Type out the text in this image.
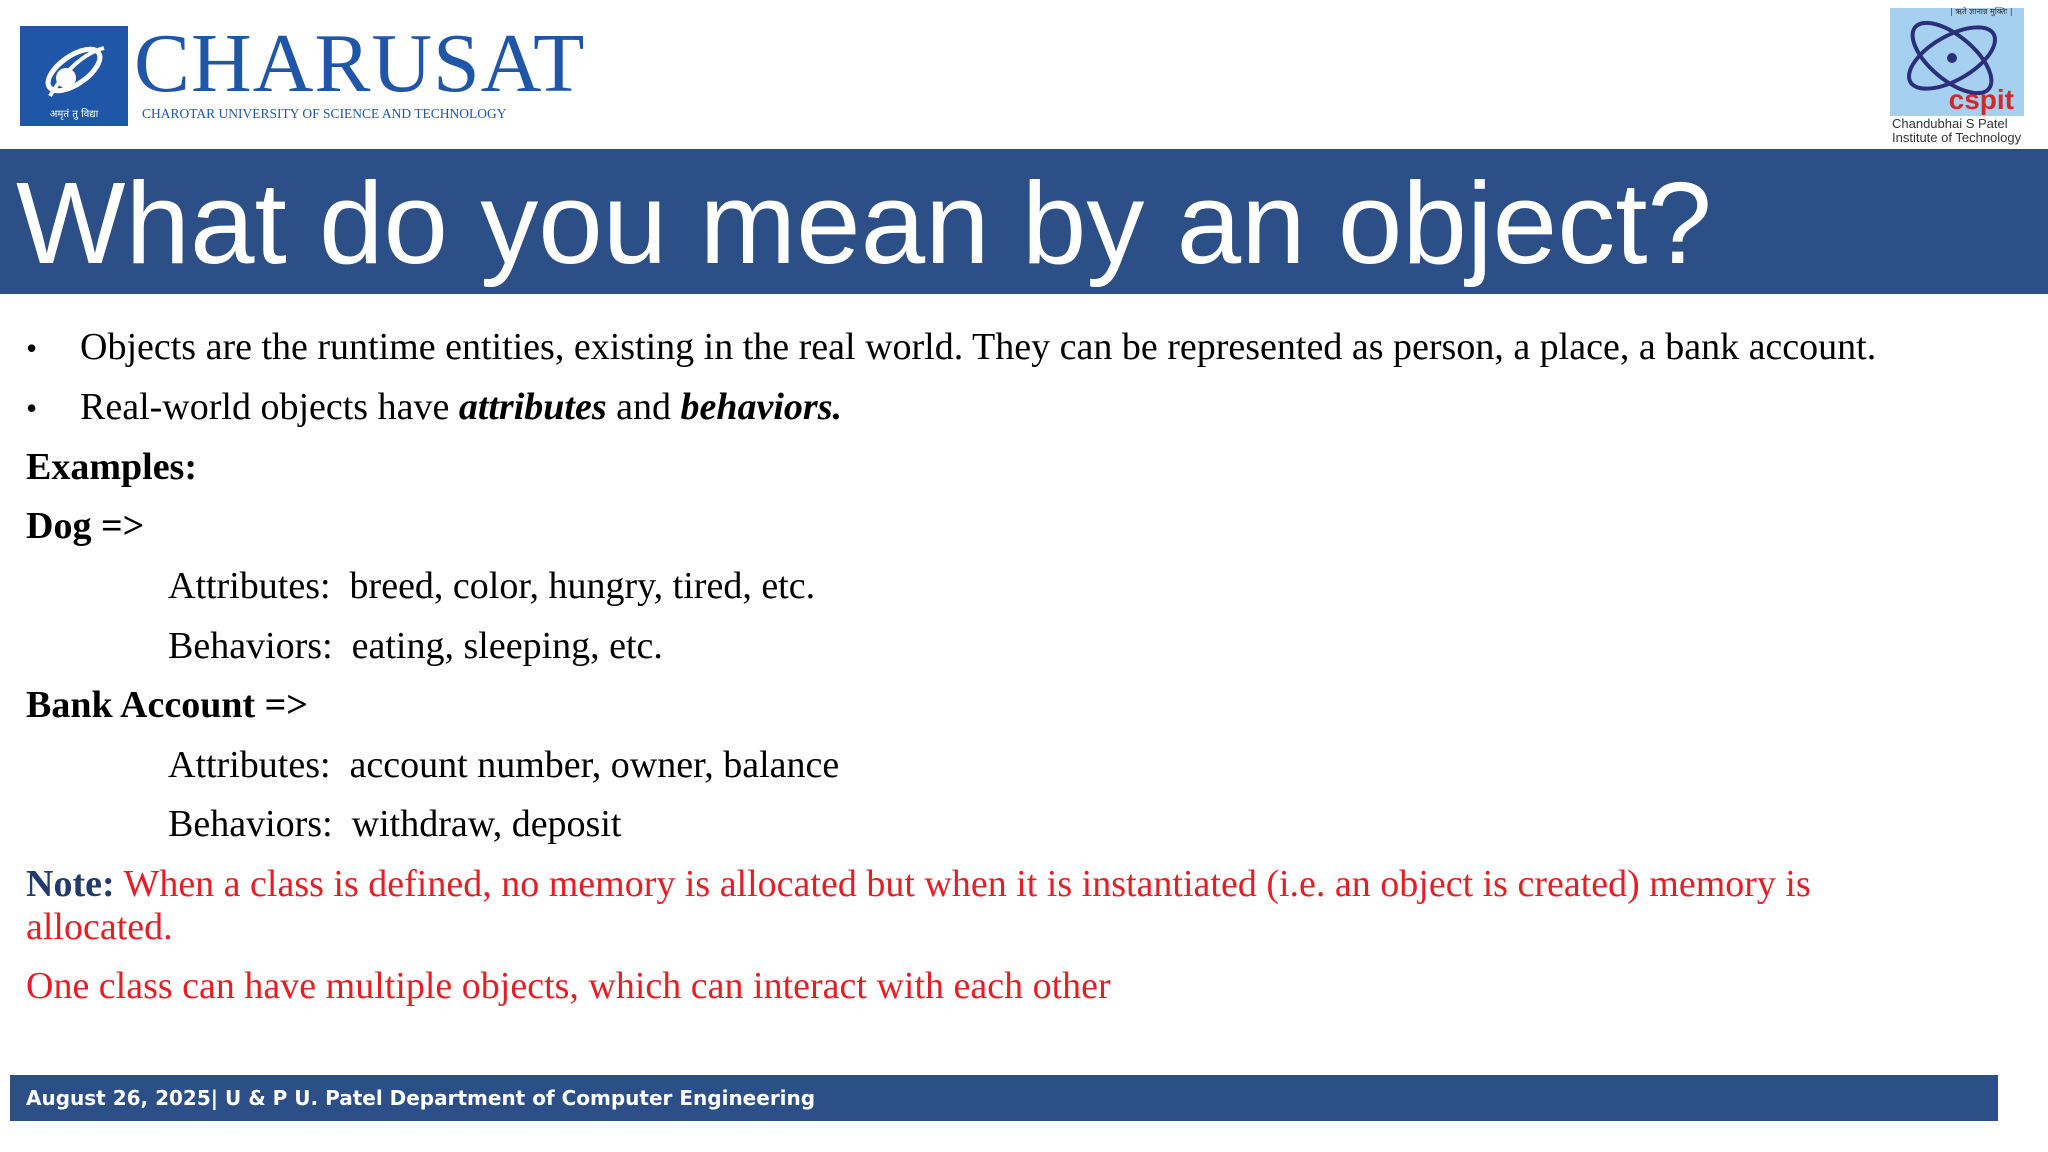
अमृतं तु विद्या
CHARUSAT
CHAROTAR UNIVERSITY OF SCIENCE AND TECHNOLOGY	cspit
| ऋते ज्ञानान्न मुक्तिः |
Chandubhai S Patel
Institute of Technology
What do you mean by an object?
• Objects are the runtime entities, existing in the real world. They can be represented as person, a place, a bank account.
• Real-world objects have attributes and behaviors.
Examples:
Dog =>
Attributes: breed, color, hungry, tired, etc.
Behaviors: eating, sleeping, etc.
Bank Account =>
Attributes: account number, owner, balance
Behaviors: withdraw, deposit
Note: When a class is defined, no memory is allocated but when it is instantiated (i.e. an object is created) memory is
allocated.
One class can have multiple objects, which can interact with each other
August 26, 2025| U & P U. Patel Department of Computer Engineering
